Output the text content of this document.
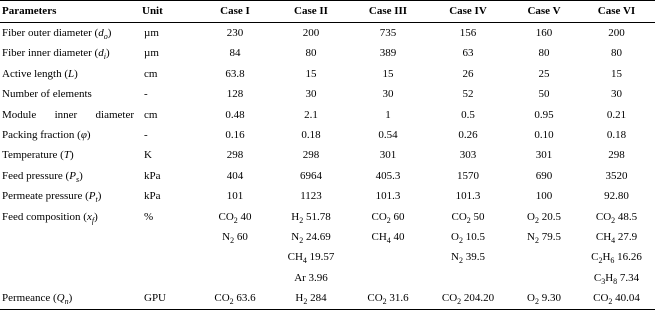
Parameters	Unit	Case I	Case II	Case III	Case IV	Case V	Case VI
Fiber outer diameter $(d_o)$	µm	230	200	735	156	160	200
Fiber inner diameter $(d_i)$	µm	84	80	389	63	80	80
Active length (L)	cm	63.8	15	15	26	25	15
Number of elements	-	128	30	30	52	50	30
Module inner diameter	cm	0.48	2.1	1	0.5	0.95	0.21
Packing fraction (φ)	-	0.16	0.18	0.54	0.26	0.10	0.18
Temperature (T)	K	298	298	301	303	301	298
Feed pressure $(P_s)$	kPa	404	6964	405.3	1570	690	3520
Permeate pressure $(P_t)$	kPa	101	1123	101.3	101.3	100	92.80
Feed composition $(x_f)$	%	$CO_2$ 40	$H_2$ 51.78	$CO_2$ 60	$CO_2$ 50	$O_2$ 20.5	$CO_2$ 48.5
		$N_2$ 60	$N_2$ 24.69	$CH_4$ 40	$O_2$ 10.5	$N_2$ 79.5	$CH_4$ 27.9
			$CH_4$ 19.57		$N_2$ 39.5		$C_2H_6$ 16.26
			Ar 3.96				$C_3H_8$ 7.34
Permeance $(Q_n)$	GPU	$CO_2$ 63.6	$H_2$ 284	$CO_2$ 31.6	$CO_2$ 204.20	$O_2$ 9.30	$CO_2$ 40.04
